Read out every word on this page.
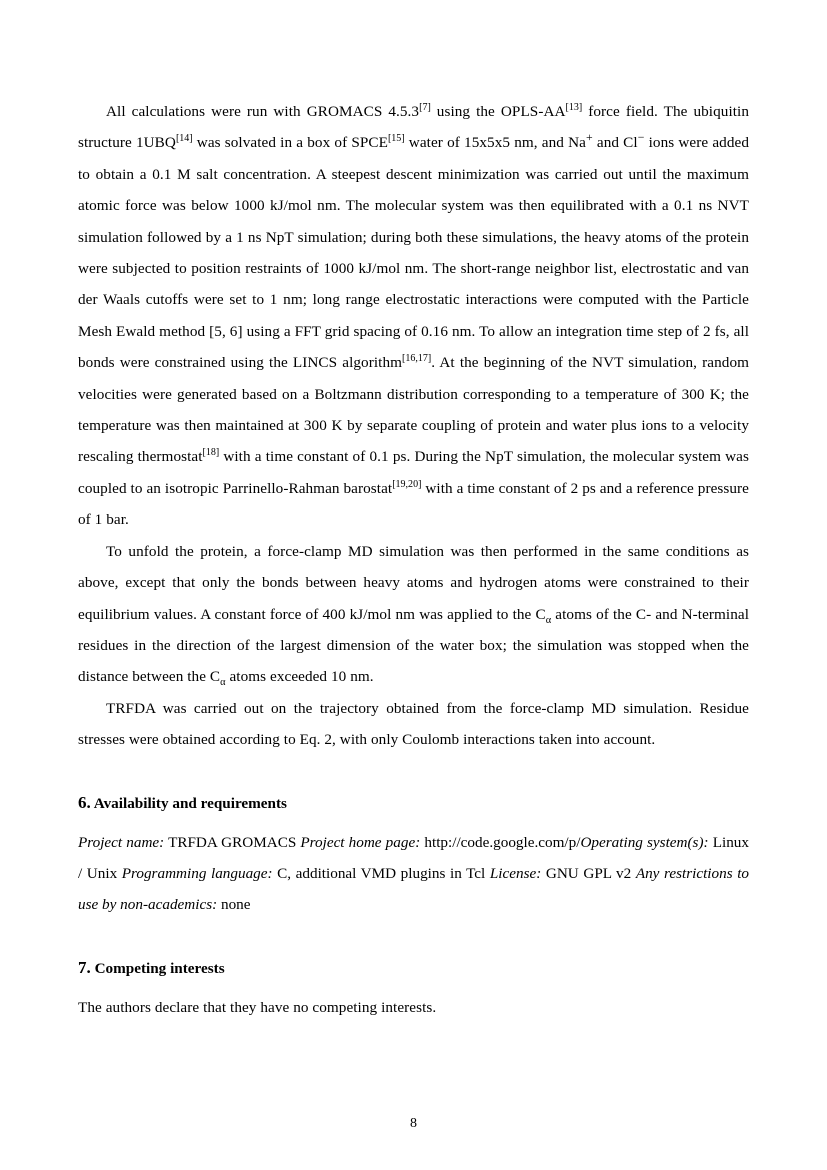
All calculations were run with GROMACS 4.5.3[7] using the OPLS-AA[13] force field. The ubiquitin structure 1UBQ[14] was solvated in a box of SPCE[15] water of 15x5x5 nm, and Na+ and Cl− ions were added to obtain a 0.1 M salt concentration. A steepest descent minimization was carried out until the maximum atomic force was below 1000 kJ/mol nm. The molecular system was then equilibrated with a 0.1 ns NVT simulation followed by a 1 ns NpT simulation; during both these simulations, the heavy atoms of the protein were subjected to position restraints of 1000 kJ/mol nm. The short-range neighbor list, electrostatic and van der Waals cutoffs were set to 1 nm; long range electrostatic interactions were computed with the Particle Mesh Ewald method [5, 6] using a FFT grid spacing of 0.16 nm. To allow an integration time step of 2 fs, all bonds were constrained using the LINCS algorithm[16,17]. At the beginning of the NVT simulation, random velocities were generated based on a Boltzmann distribution corresponding to a temperature of 300 K; the temperature was then maintained at 300 K by separate coupling of protein and water plus ions to a velocity rescaling thermostat[18] with a time constant of 0.1 ps. During the NpT simulation, the molecular system was coupled to an isotropic Parrinello-Rahman barostat[19,20] with a time constant of 2 ps and a reference pressure of 1 bar.

To unfold the protein, a force-clamp MD simulation was then performed in the same conditions as above, except that only the bonds between heavy atoms and hydrogen atoms were constrained to their equilibrium values. A constant force of 400 kJ/mol nm was applied to the $C_\alpha$ atoms of the C- and N-terminal residues in the direction of the largest dimension of the water box; the simulation was stopped when the distance between the $C_\alpha$ atoms exceeded 10 nm.

TRFDA was carried out on the trajectory obtained from the force-clamp MD simulation. Residue stresses were obtained according to Eq. 2, with only Coulomb interactions taken into account.

6. Availability and requirements

Project name: TRFDA GROMACS Project home page: http://code.google.com/p/Operating system(s): Linux / Unix Programming language: C, additional VMD plugins in Tcl License: GNU GPL v2 Any restrictions to use by non-academics: none

7. Competing interests

The authors declare that they have no competing interests.

8
